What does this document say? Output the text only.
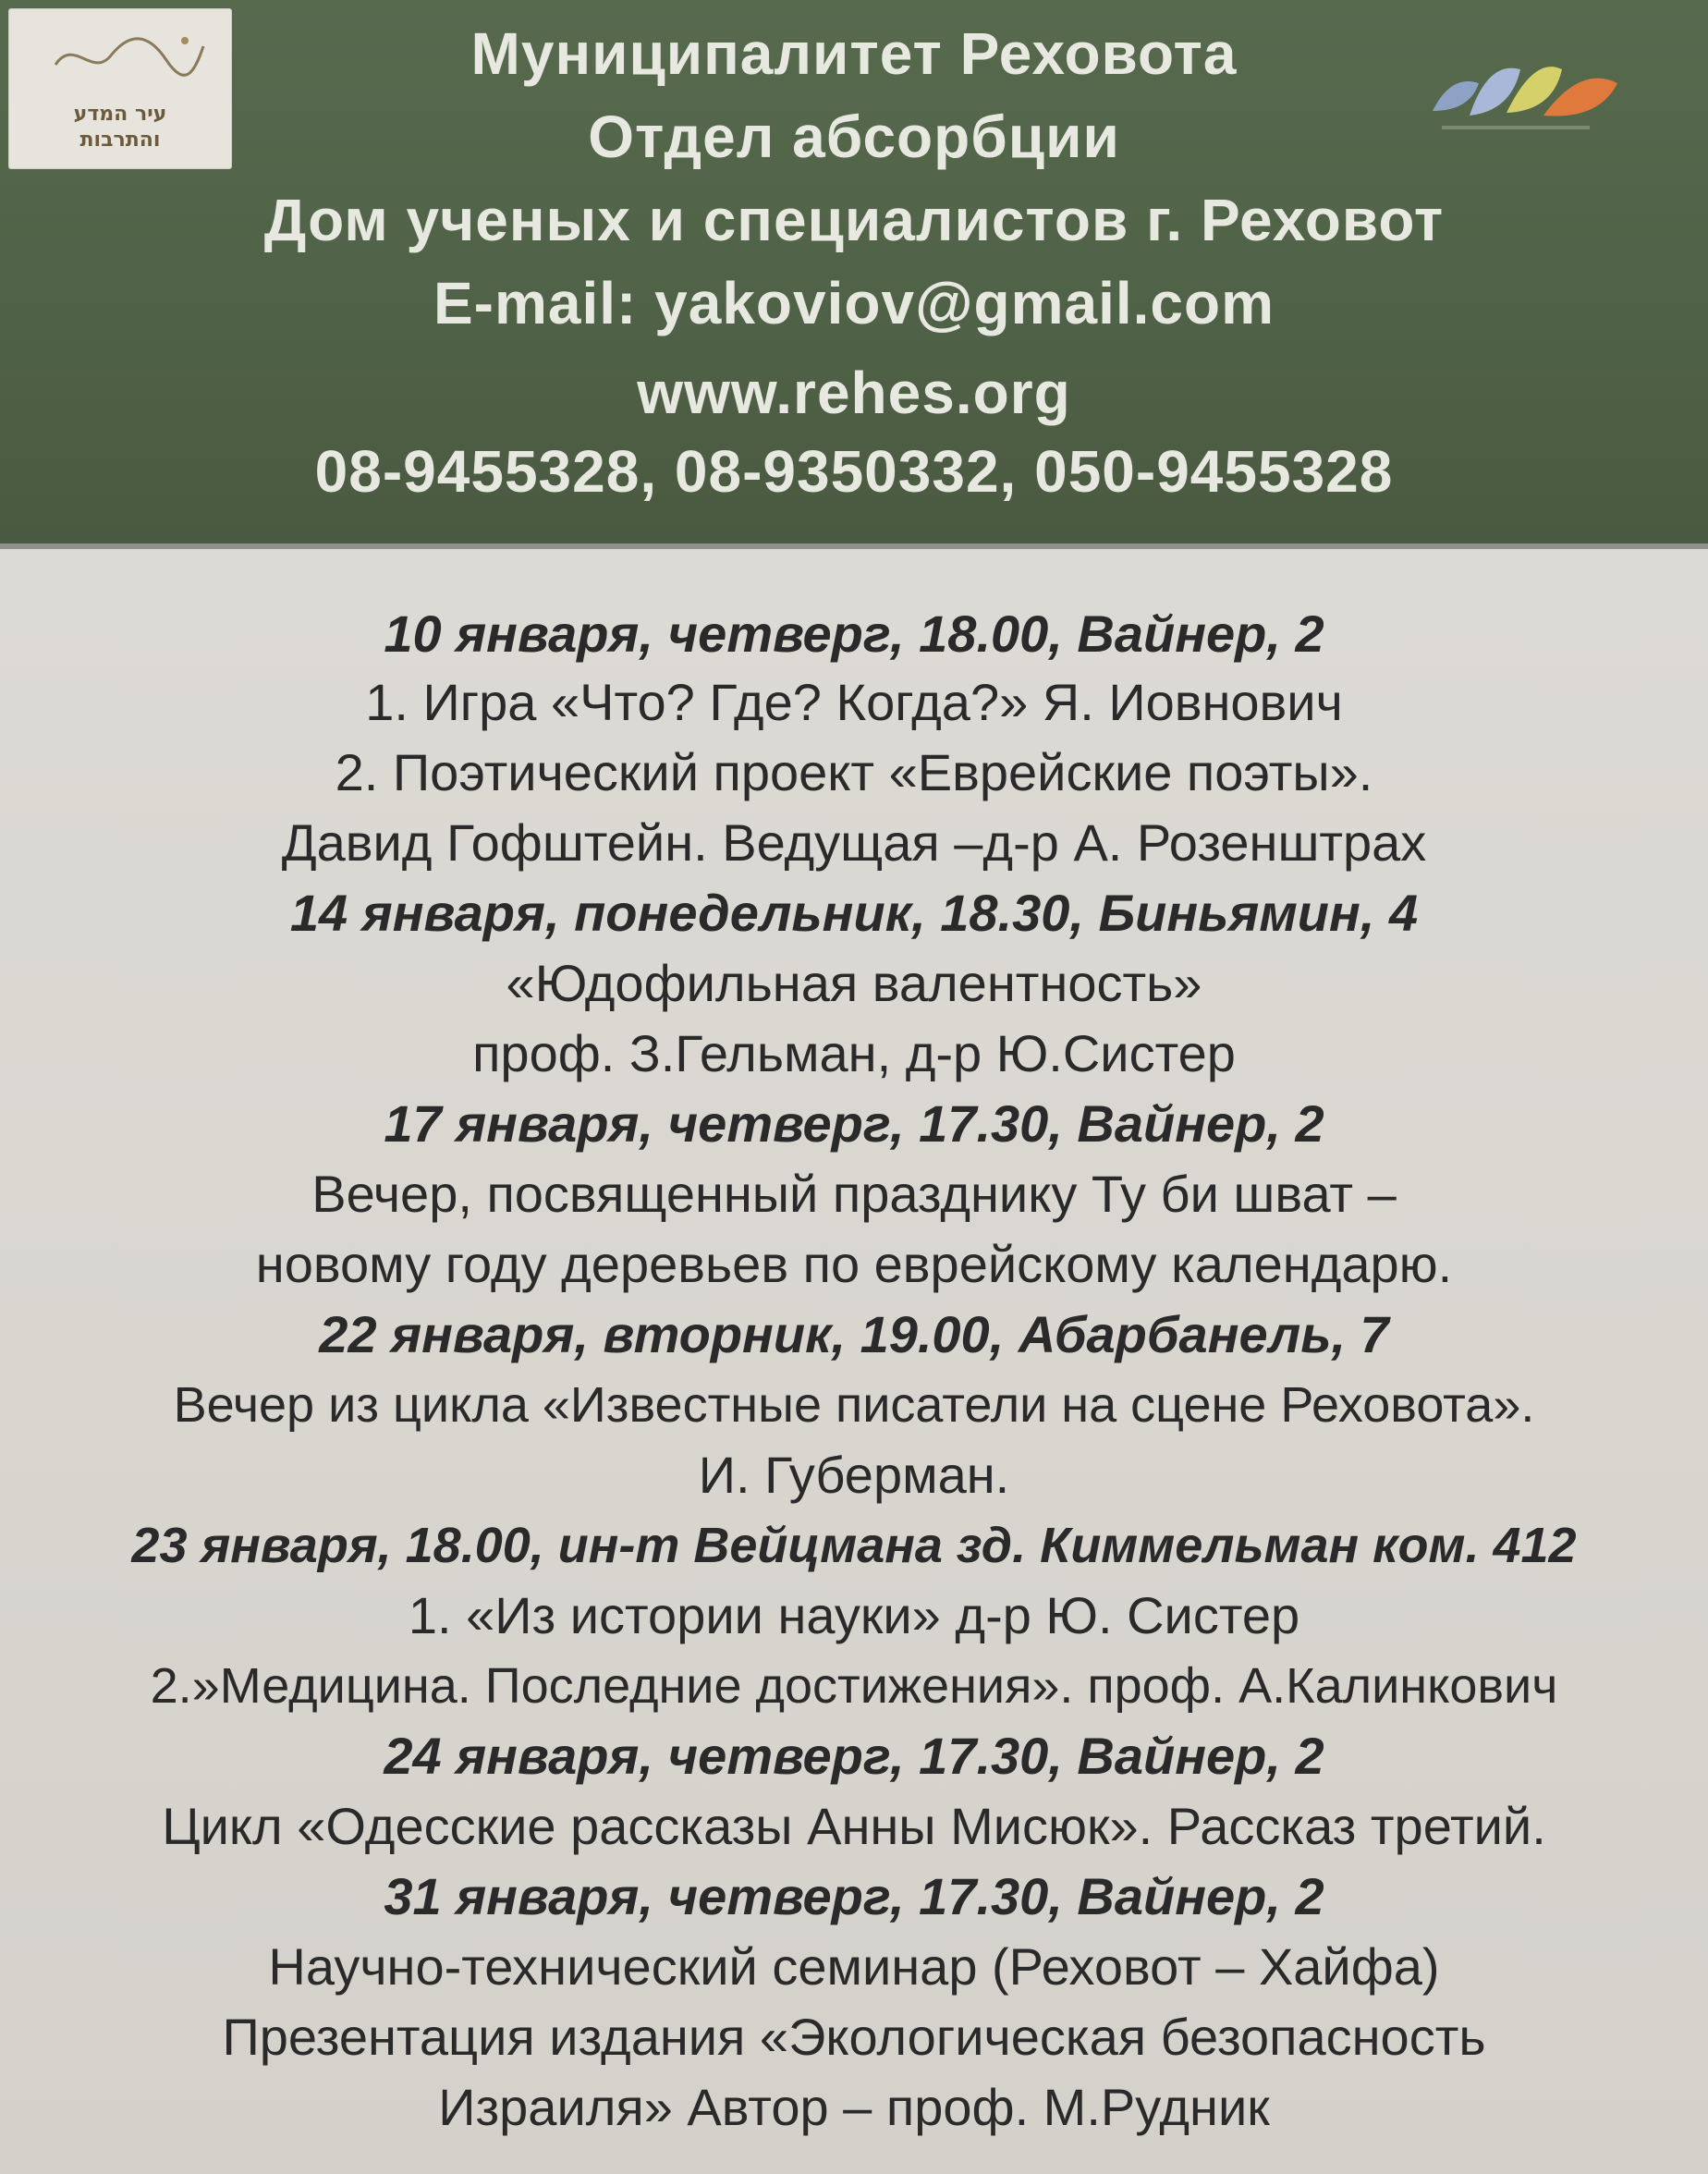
עיר המדע
והתרבות
Муниципалитет Реховота
Отдел абсорбции
Дом ученых и специалистов г. Реховот
E-mail: yakoviov@gmail.com
www.rehes.org
08-9455328, 08-9350332, 050-9455328
10 января, четверг, 18.00, Вайнер, 2
1. Игра «Что? Где? Когда?» Я. Иовнович
2. Поэтический проект «Еврейские поэты».
Давид Гофштейн. Ведущая –д-р А. Розенштрах
14 января, понедельник, 18.30, Биньямин, 4
«Юдофильная валентность»
проф. З.Гельман, д-р Ю.Систер
17 января, четверг, 17.30, Вайнер, 2
Вечер, посвященный празднику Ту би шват –
новому году деревьев по еврейскому календарю.
22 января, вторник, 19.00, Абарбанель, 7
Вечер из цикла «Известные писатели на сцене Реховота».
И. Губерман.
23 января, 18.00, ин-т Вейцмана зд. Киммельман ком. 412
1. «Из истории науки» д-р Ю. Систер
2.»Медицина. Последние достижения». проф. А.Калинкович
24 января, четверг, 17.30, Вайнер, 2
Цикл «Одесские рассказы Анны Мисюк». Рассказ третий.
31 января, четверг, 17.30, Вайнер, 2
Научно-технический семинар (Реховот – Хайфа)
Презентация издания «Экологическая безопасность
Израиля» Автор – проф. М.Рудник
